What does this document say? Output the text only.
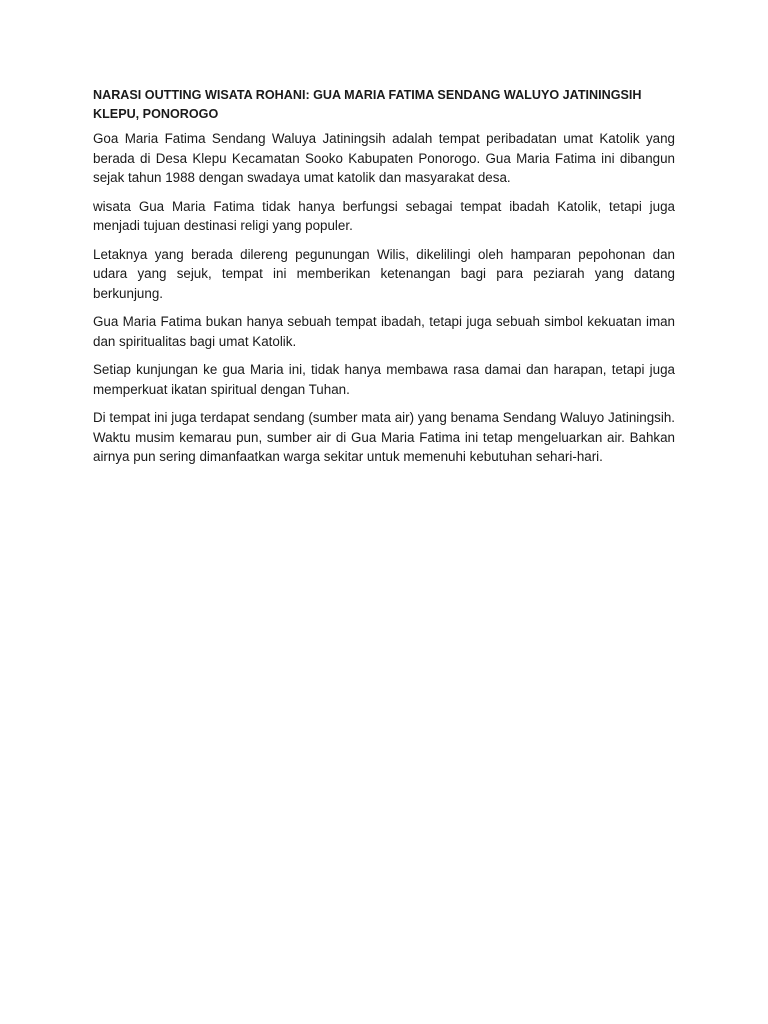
NARASI OUTTING WISATA ROHANI: GUA MARIA FATIMA SENDANG WALUYO JATININGSIH KLEPU, PONOROGO

Goa Maria Fatima Sendang Waluya Jatiningsih adalah tempat peribadatan umat Katolik yang berada di Desa Klepu Kecamatan Sooko Kabupaten Ponorogo. Gua Maria Fatima ini dibangun sejak tahun 1988 dengan swadaya umat katolik dan masyarakat desa.

wisata Gua Maria Fatima tidak hanya berfungsi sebagai tempat ibadah Katolik, tetapi juga menjadi tujuan destinasi religi yang populer.

Letaknya yang berada dilereng pegunungan Wilis, dikelilingi oleh hamparan pepohonan dan udara yang sejuk, tempat ini memberikan ketenangan bagi para peziarah yang datang berkunjung.

Gua Maria Fatima bukan hanya sebuah tempat ibadah, tetapi juga sebuah simbol kekuatan iman dan spiritualitas bagi umat Katolik.

Setiap kunjungan ke gua Maria ini, tidak hanya membawa rasa damai dan harapan, tetapi juga memperkuat ikatan spiritual dengan Tuhan.

Di tempat ini juga terdapat sendang (sumber mata air) yang benama Sendang Waluyo Jatiningsih. Waktu musim kemarau pun, sumber air di Gua Maria Fatima ini tetap mengeluarkan air. Bahkan airnya pun sering dimanfaatkan warga sekitar untuk memenuhi kebutuhan sehari-hari.
